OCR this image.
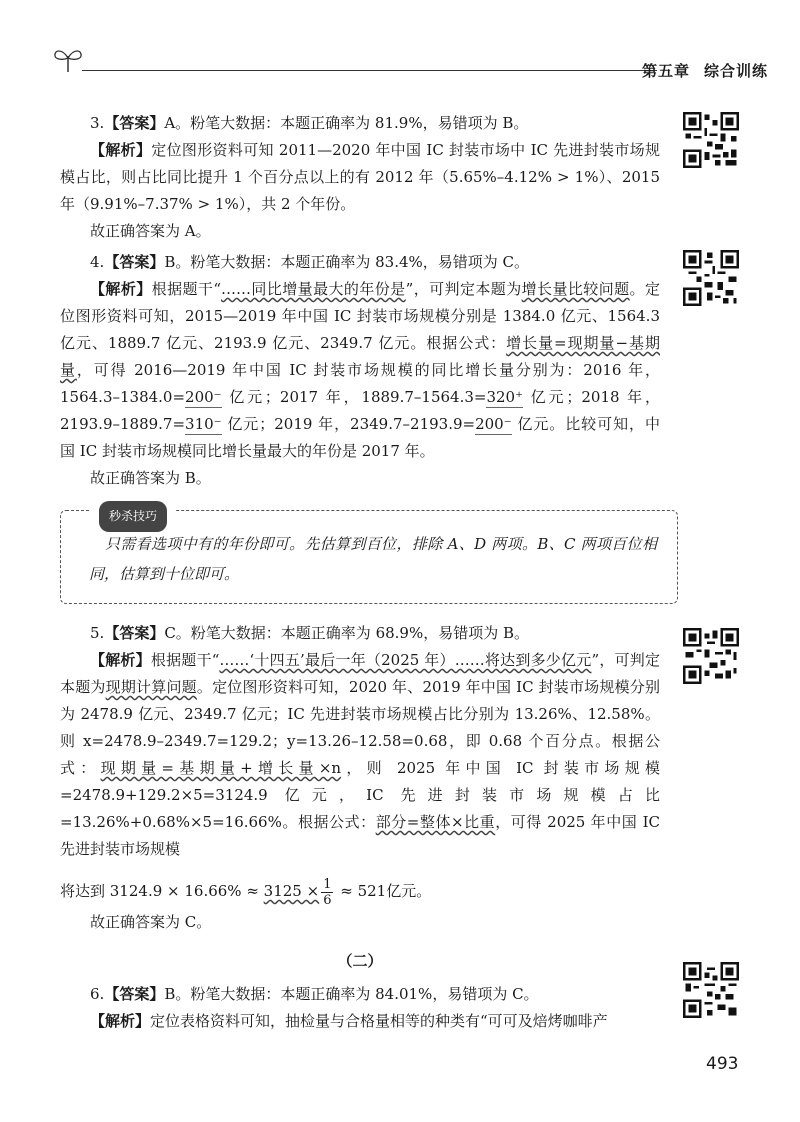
第五章 综合训练

3.【答案】A。粉笔大数据：本题正确率为 81.9%，易错项为 B。

【解析】定位图形资料可知 2011—2020 年中国 IC 封装市场中 IC 先进封装市场规模占比，则占比同比提升 1 个百分点以上的有 2012 年（5.65%–4.12% > 1%）、2015 年（9.91%–7.37% > 1%），共 2 个年份。

故正确答案为 A。

4.【答案】B。粉笔大数据：本题正确率为 83.4%，易错项为 C。

【解析】根据题干“……同比增量最大的年份是”，可判定本题为增长量比较问题。定位图形资料可知，2015—2019 年中国 IC 封装市场规模分别是 1384.0 亿元、1564.3 亿元、1889.7 亿元、2193.9 亿元、2349.7 亿元。根据公式：增长量=现期量−基期量，可得 2016—2019 年中国 IC 封装市场规模的同比增长量分别为：2016 年，1564.3–1384.0=200⁻ 亿元；2017 年，1889.7–1564.3=320⁺ 亿元；2018 年，2193.9–1889.7=310⁻ 亿元；2019 年，2349.7–2193.9=200⁻ 亿元。比较可知，中国 IC 封装市场规模同比增长量最大的年份是 2017 年。

故正确答案为 B。

秒杀技巧

只需看选项中有的年份即可。先估算到百位，排除 A、D 两项。B、C 两项百位相同，估算到十位即可。

5.【答案】C。粉笔大数据：本题正确率为 68.9%，易错项为 B。

【解析】根据题干“……‘十四五’最后一年（2025 年）……将达到多少亿元”，可判定本题为现期计算问题。定位图形资料可知，2020 年、2019 年中国 IC 封装市场规模分别为 2478.9 亿元、2349.7 亿元；IC 先进封装市场规模占比分别为 13.26%、12.58%。则 x=2478.9–2349.7=129.2；y=13.26–12.58=0.68，即 0.68 个百分点。根据公式：现期量=基期量+增长量×n，则 2025 年中国 IC 封装市场规模=2478.9+129.2×5=3124.9 亿元，IC 先进封装市场规模占比=13.26%+0.68%×5=16.66%。根据公式：部分=整体×比重，可得 2025 年中国 IC 先进封装市场规模

将达到 $3124.9 \times 16.66\% \approx 3125 \times \frac{1}{6} \approx 521$亿元。

故正确答案为 C。

（二）

6.【答案】B。粉笔大数据：本题正确率为 84.01%，易错项为 C。

【解析】定位表格资料可知，抽检量与合格量相等的种类有“可可及焙烤咖啡产

493
